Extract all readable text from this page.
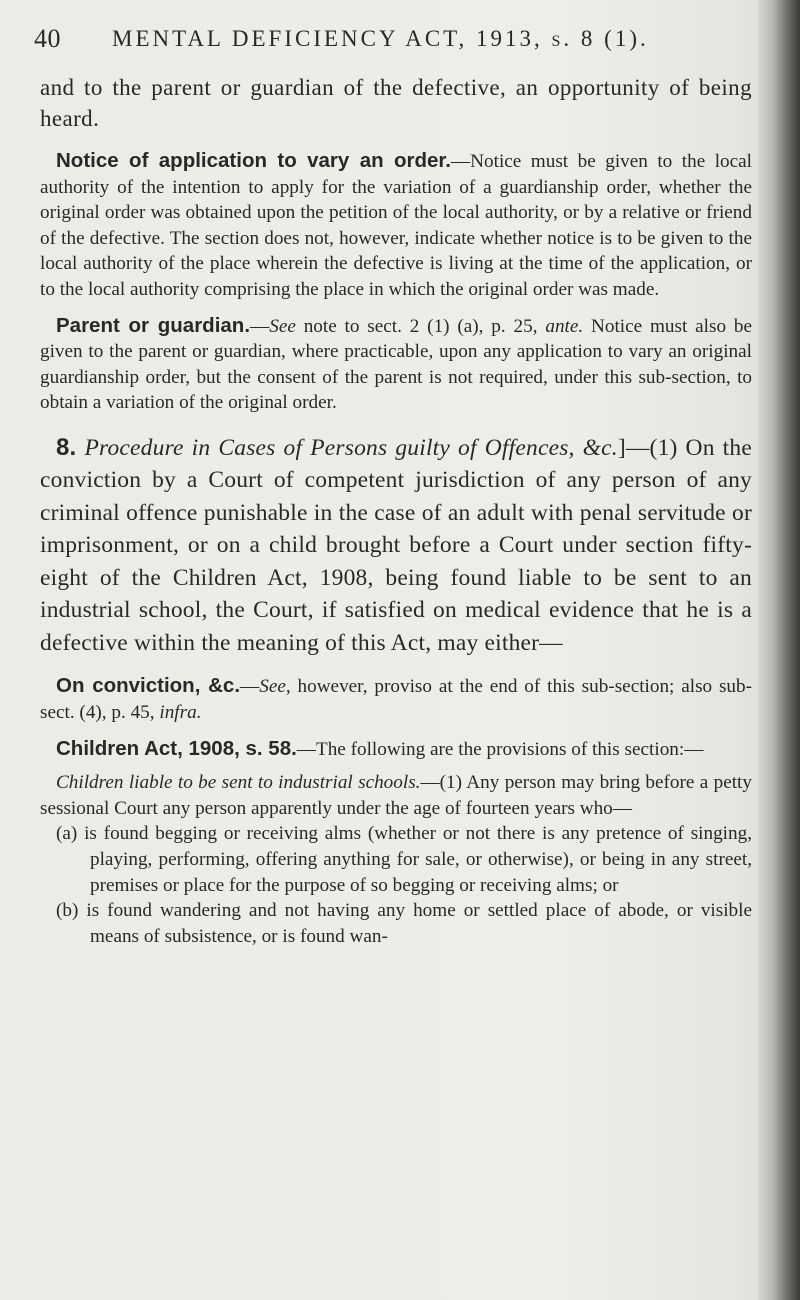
40 MENTAL DEFICIENCY ACT, 1913, s. 8 (1).

and to the parent or guardian of the defective, an opportunity of being heard.

Notice of application to vary an order.—Notice must be given to the local authority of the intention to apply for the variation of a guardianship order, whether the original order was obtained upon the petition of the local authority, or by a relative or friend of the defective. The section does not, however, indicate whether notice is to be given to the local authority of the place wherein the defective is living at the time of the application, or to the local authority comprising the place in which the original order was made.

Parent or guardian.—See note to sect. 2 (1) (a), p. 25, ante. Notice must also be given to the parent or guardian, where practicable, upon any application to vary an original guardianship order, but the consent of the parent is not required, under this sub-section, to obtain a variation of the original order.

8. Procedure in Cases of Persons guilty of Offences, &c.]—(1) On the conviction by a Court of competent jurisdiction of any person of any criminal offence punishable in the case of an adult with penal servitude or imprisonment, or on a child brought before a Court under section fifty-eight of the Children Act, 1908, being found liable to be sent to an industrial school, the Court, if satisfied on medical evidence that he is a defective within the meaning of this Act, may either—

On conviction, &c.—See, however, proviso at the end of this sub-section; also sub-sect. (4), p. 45, infra.

Children Act, 1908, s. 58.—The following are the provisions of this section:—

Children liable to be sent to industrial schools.—(1) Any person may bring before a petty sessional Court any person apparently under the age of fourteen years who—

(a) is found begging or receiving alms (whether or not there is any pretence of singing, playing, performing, offering anything for sale, or otherwise), or being in any street, premises or place for the purpose of so begging or receiving alms; or

(b) is found wandering and not having any home or settled place of abode, or visible means of subsistence, or is found wan-
